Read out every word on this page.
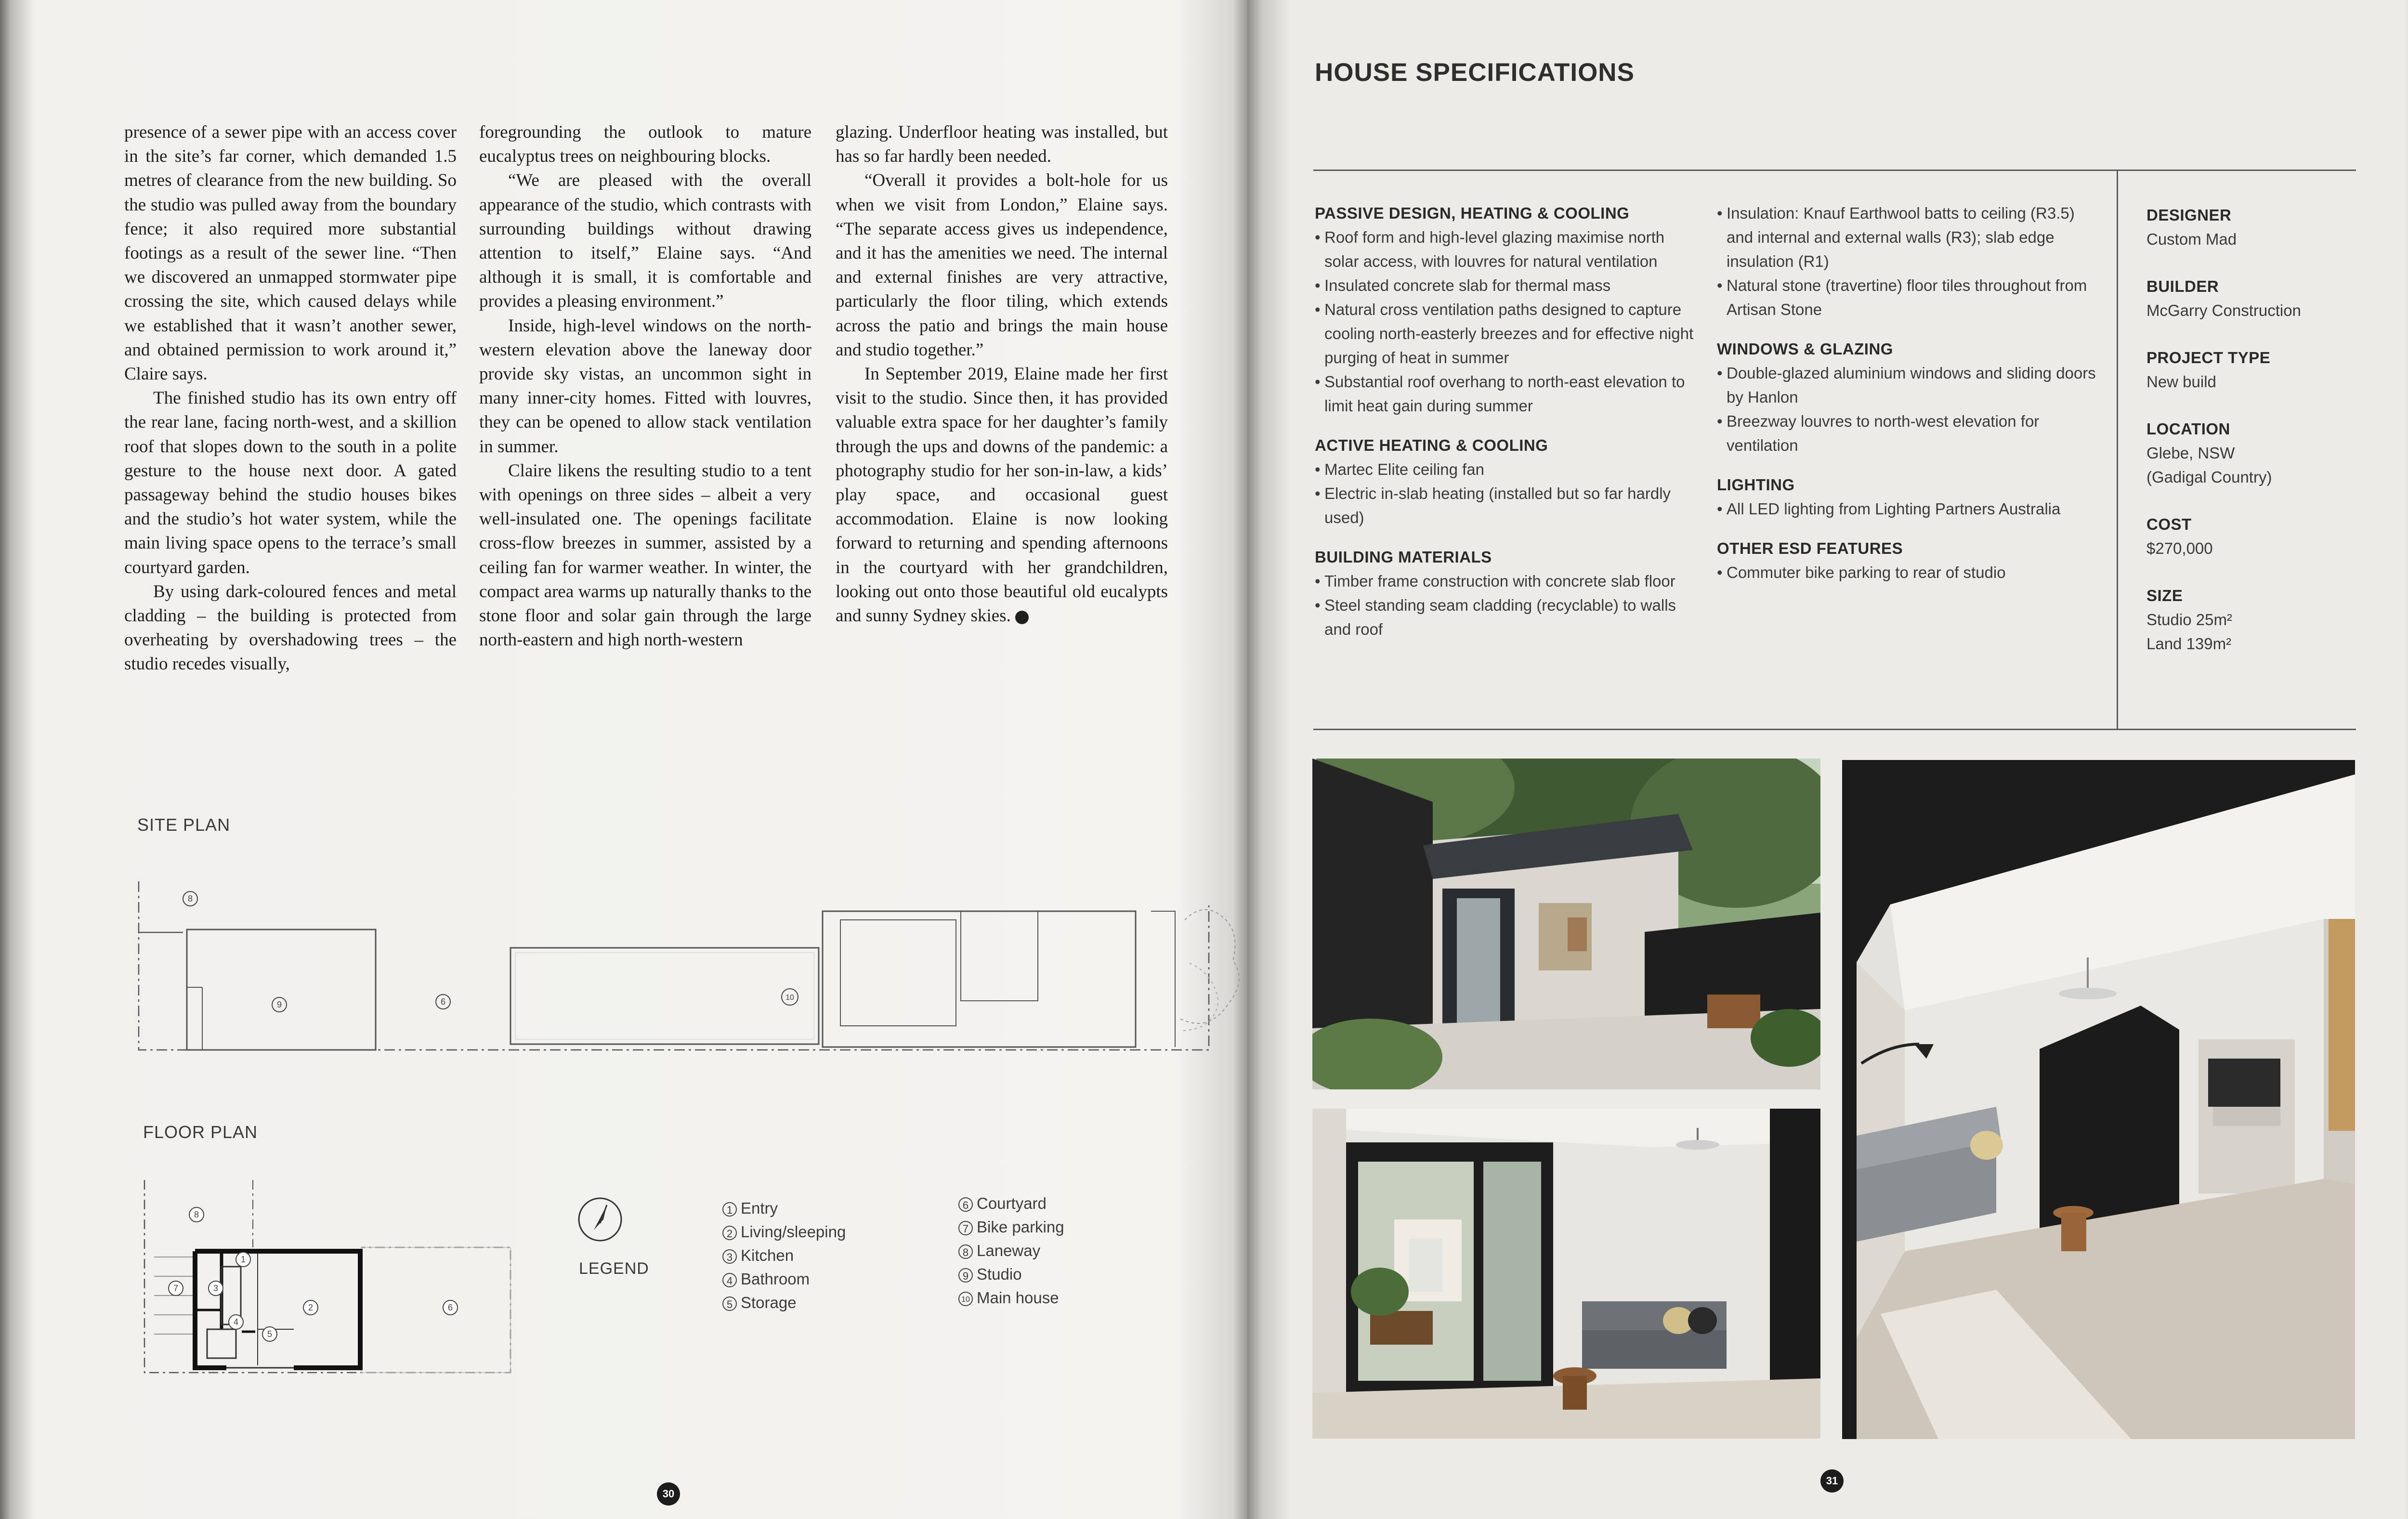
presence of a sewer pipe with an access cover in the site’s far corner, which demanded 1.5 metres of clearance from the new building. So the studio was pulled away from the boundary fence; it also required more substantial footings as a result of the sewer line. “Then we discovered an unmapped stormwater pipe crossing the site, which caused delays while we established that it wasn’t another sewer, and obtained permission to work around it,” Claire says.

The finished studio has its own entry off the rear lane, facing north-west, and a skillion roof that slopes down to the south in a polite gesture to the house next door. A gated passageway behind the studio houses bikes and the studio’s hot water system, while the main living space opens to the terrace’s small courtyard garden.

By using dark-coloured fences and metal cladding – the building is protected from overheating by overshadowing trees – the studio recedes visually,

foregrounding the outlook to mature eucalyptus trees on neighbouring blocks.

“We are pleased with the overall appearance of the studio, which contrasts with surrounding buildings without drawing attention to itself,” Elaine says. “And although it is small, it is comfortable and provides a pleasing environment.”

Inside, high-level windows on the north-western elevation above the laneway door provide sky vistas, an uncommon sight in many inner-city homes. Fitted with louvres, they can be opened to allow stack ventilation in summer.

Claire likens the resulting studio to a tent with openings on three sides – albeit a very well-insulated one. The openings facilitate cross-flow breezes in summer, assisted by a ceiling fan for warmer weather. In winter, the compact area warms up naturally thanks to the stone floor and solar gain through the large north-eastern and high north-western

glazing. Underfloor heating was installed, but has so far hardly been needed.

“Overall it provides a bolt-hole for us when we visit from London,” Elaine says. “The separate access gives us independence, and it has the amenities we need. The internal and external finishes are very attractive, particularly the floor tiling, which extends across the patio and brings the main house and studio together.”

In September 2019, Elaine made her first visit to the studio. Since then, it has provided valuable extra space for her daughter’s family through the ups and downs of the pandemic: a photography studio for her son-in-law, a kids’ play space, and occasional guest accommodation. Elaine is now looking forward to returning and spending afternoons in the courtyard with her grandchildren, looking out onto those beautiful old eucalypts and sunny Sydney skies.

SITE PLAN
8
9	6	10
FLOOR PLAN
8
1
7	3
2
4
5
6
LEGEND
1 Entry
2 Living/sleeping
3 Kitchen
4 Bathroom
5 Storage
6 Courtyard
7 Bike parking
8 Laneway
9 Studio
10 Main house
30
HOUSE SPECIFICATIONS
PASSIVE DESIGN, HEATING & COOLING
• Roof form and high-level glazing maximise north solar access, with louvres for natural ventilation
• Insulated concrete slab for thermal mass
• Natural cross ventilation paths designed to capture cooling north-easterly breezes and for effective night purging of heat in summer
• Substantial roof overhang to north-east elevation to limit heat gain during summer
ACTIVE HEATING & COOLING
• Martec Elite ceiling fan
• Electric in-slab heating (installed but so far hardly used)
BUILDING MATERIALS
• Timber frame construction with concrete slab floor
• Steel standing seam cladding (recyclable) to walls and roof
• Insulation: Knauf Earthwool batts to ceiling (R3.5) and internal and external walls (R3); slab edge insulation (R1)
• Natural stone (travertine) floor tiles throughout from Artisan Stone
WINDOWS & GLAZING
• Double-glazed aluminium windows and sliding doors by Hanlon
• Breezway louvres to north-west elevation for ventilation
LIGHTING
• All LED lighting from Lighting Partners Australia
OTHER ESD FEATURES
• Commuter bike parking to rear of studio
DESIGNER
Custom Mad
BUILDER
McGarry Construction
PROJECT TYPE
New build
LOCATION
Glebe, NSW
(Gadigal Country)
COST
$270,000
SIZE
Studio 25m²
Land 139m²
31
